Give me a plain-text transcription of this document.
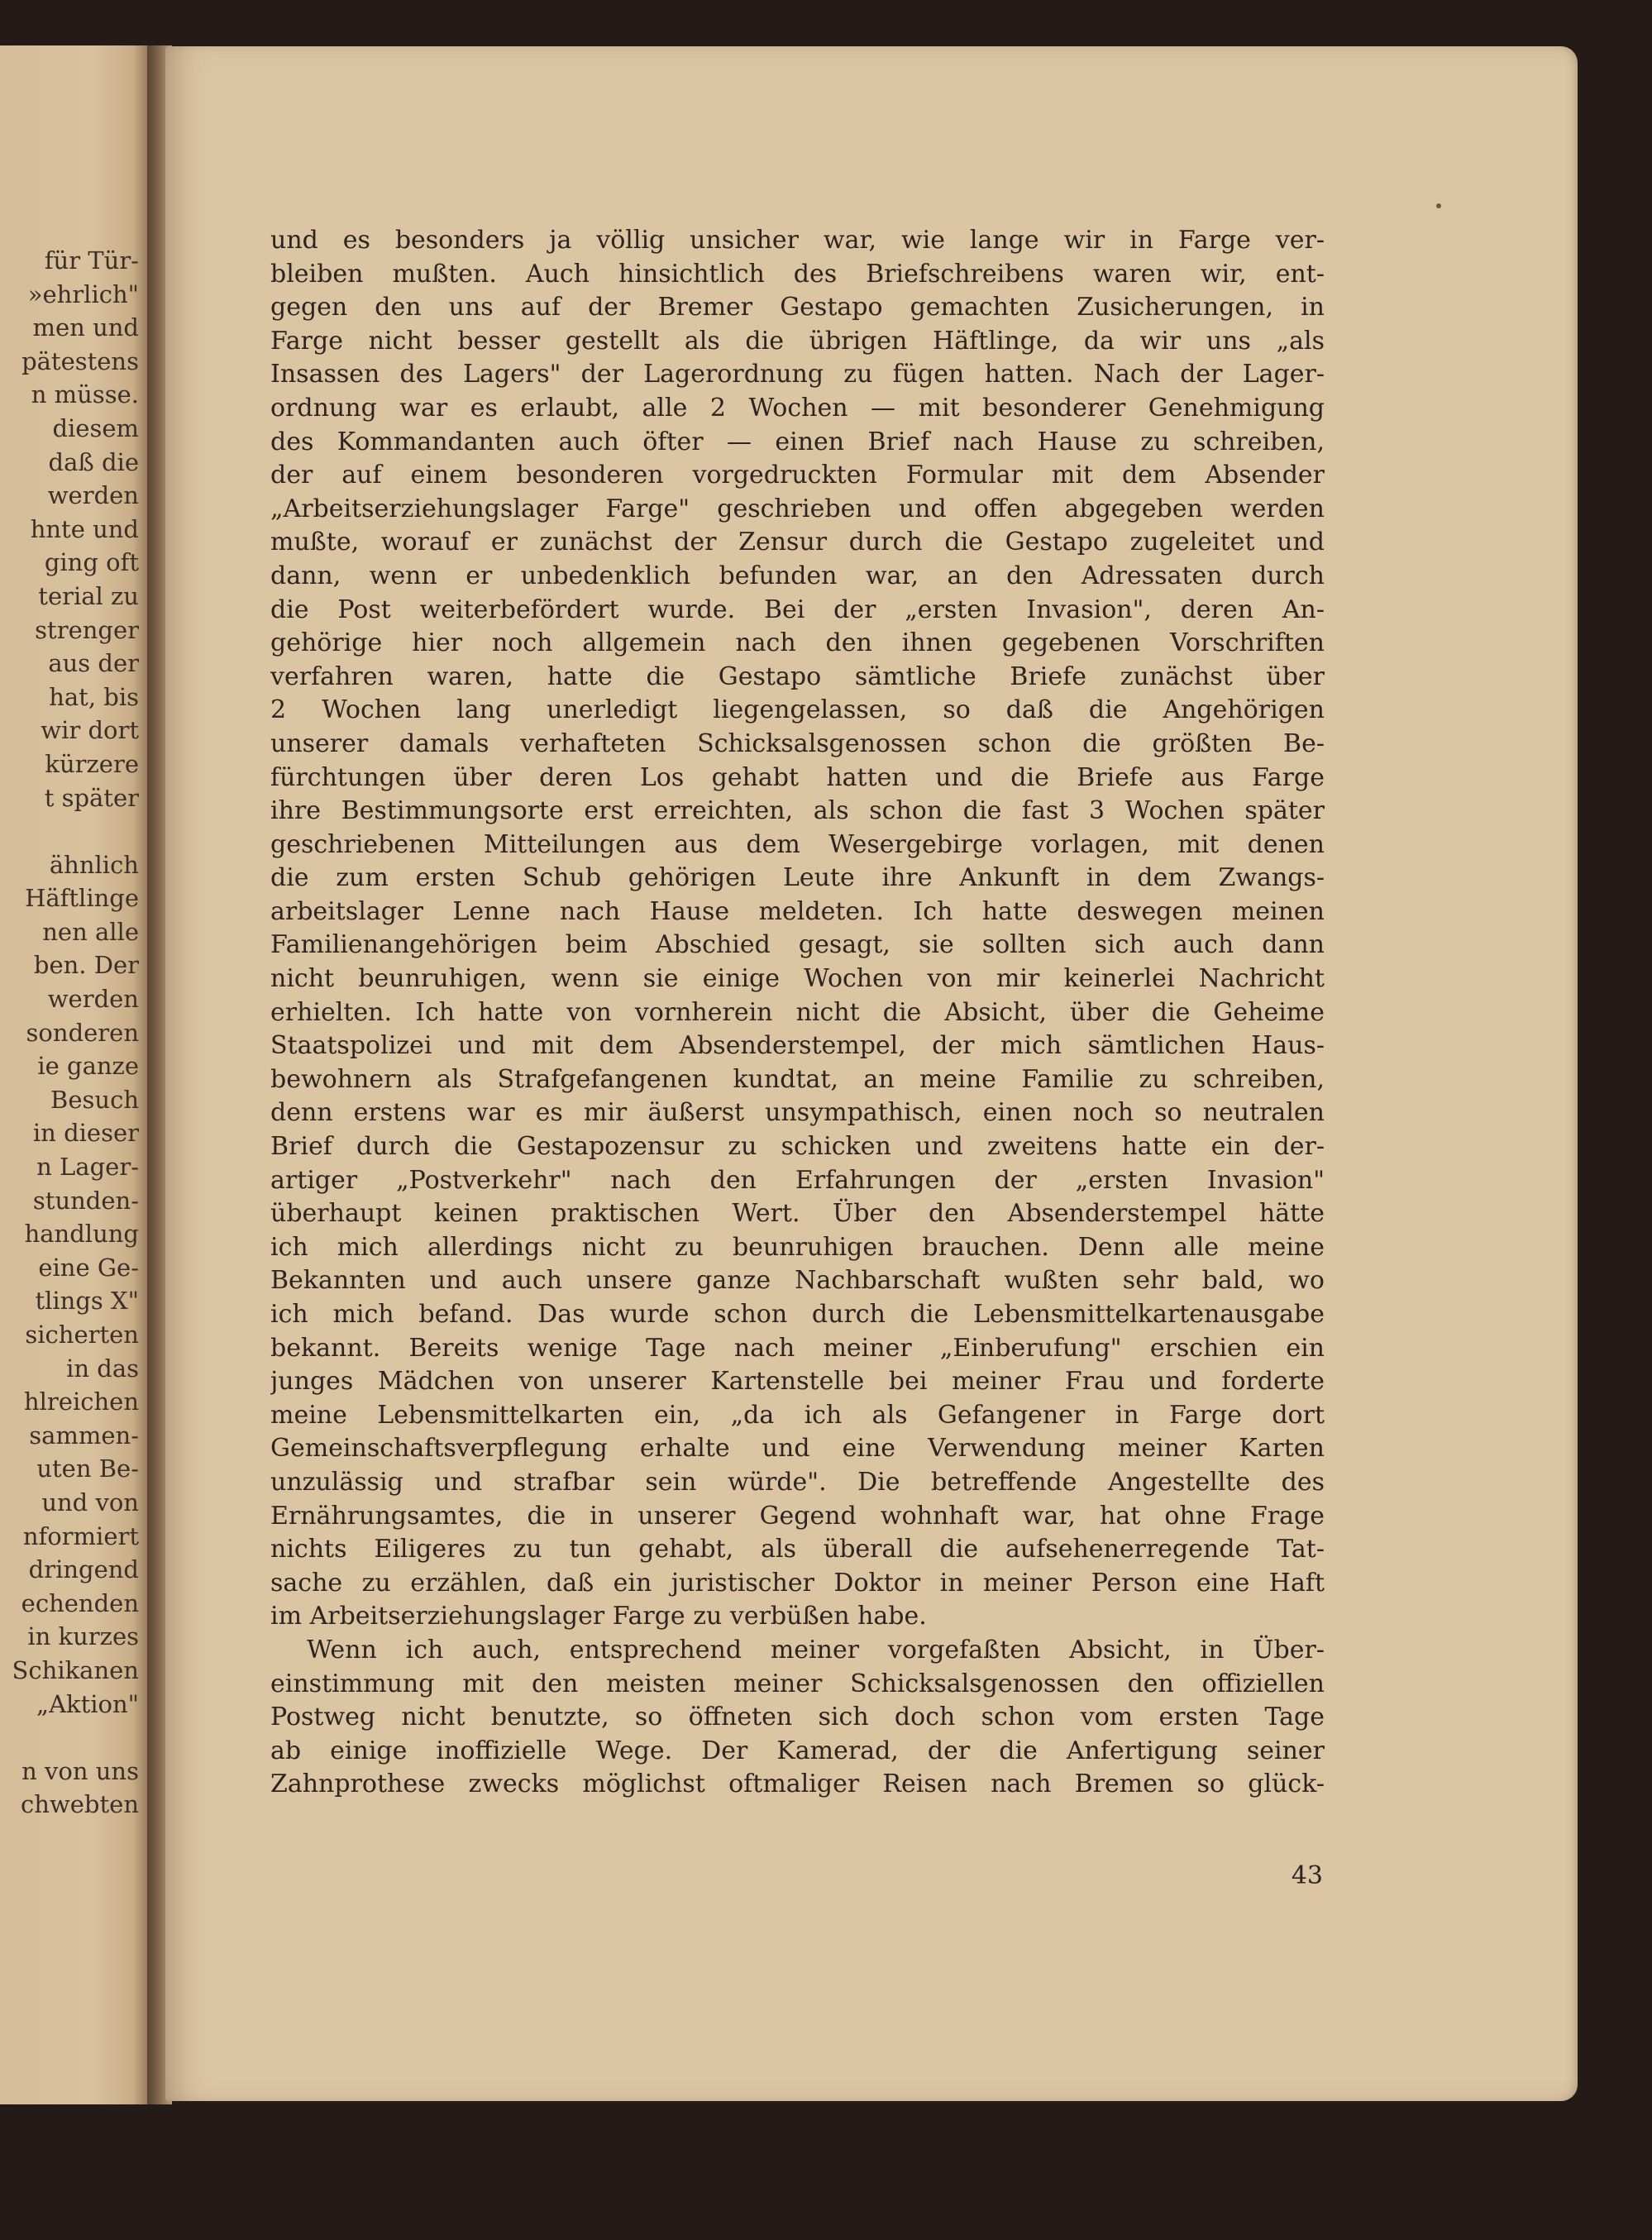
für Tür-
»ehrlich"
men und
pätestens
n müsse.
diesem
daß die
werden
hnte und
ging oft
terial zu
strenger
aus der
hat, bis
wir dort
kürzere
t später
ähnlich
Häftlinge
nen alle
ben. Der
werden
sonderen
ie ganze
Besuch
in dieser
n Lager-
stunden-
handlung
eine Ge-
tlings X"
sicherten
in das
hlreichen
sammen-
uten Be-
und von
nformiert
dringend
echenden
in kurzes
Schikanen
„Aktion"
n von uns
chwebten
und es besonders ja völlig unsicher war, wie lange wir in Farge ver-
bleiben mußten. Auch hinsichtlich des Briefschreibens waren wir, ent-
gegen den uns auf der Bremer Gestapo gemachten Zusicherungen, in
Farge nicht besser gestellt als die übrigen Häftlinge, da wir uns „als
Insassen des Lagers" der Lagerordnung zu fügen hatten. Nach der Lager-
ordnung war es erlaubt, alle 2 Wochen — mit besonderer Genehmigung
des Kommandanten auch öfter — einen Brief nach Hause zu schreiben,
der auf einem besonderen vorgedruckten Formular mit dem Absender
„Arbeitserziehungslager Farge" geschrieben und offen abgegeben werden
mußte, worauf er zunächst der Zensur durch die Gestapo zugeleitet und
dann, wenn er unbedenklich befunden war, an den Adressaten durch
die Post weiterbefördert wurde. Bei der „ersten Invasion", deren An-
gehörige hier noch allgemein nach den ihnen gegebenen Vorschriften
verfahren waren, hatte die Gestapo sämtliche Briefe zunächst über
2 Wochen lang unerledigt liegengelassen, so daß die Angehörigen
unserer damals verhafteten Schicksalsgenossen schon die größten Be-
fürchtungen über deren Los gehabt hatten und die Briefe aus Farge
ihre Bestimmungsorte erst erreichten, als schon die fast 3 Wochen später
geschriebenen Mitteilungen aus dem Wesergebirge vorlagen, mit denen
die zum ersten Schub gehörigen Leute ihre Ankunft in dem Zwangs-
arbeitslager Lenne nach Hause meldeten. Ich hatte deswegen meinen
Familienangehörigen beim Abschied gesagt, sie sollten sich auch dann
nicht beunruhigen, wenn sie einige Wochen von mir keinerlei Nachricht
erhielten. Ich hatte von vornherein nicht die Absicht, über die Geheime
Staatspolizei und mit dem Absenderstempel, der mich sämtlichen Haus-
bewohnern als Strafgefangenen kundtat, an meine Familie zu schreiben,
denn erstens war es mir äußerst unsympathisch, einen noch so neutralen
Brief durch die Gestapozensur zu schicken und zweitens hatte ein der-
artiger „Postverkehr" nach den Erfahrungen der „ersten Invasion"
überhaupt keinen praktischen Wert. Über den Absenderstempel hätte
ich mich allerdings nicht zu beunruhigen brauchen. Denn alle meine
Bekannten und auch unsere ganze Nachbarschaft wußten sehr bald, wo
ich mich befand. Das wurde schon durch die Lebensmittelkartenausgabe
bekannt. Bereits wenige Tage nach meiner „Einberufung" erschien ein
junges Mädchen von unserer Kartenstelle bei meiner Frau und forderte
meine Lebensmittelkarten ein, „da ich als Gefangener in Farge dort
Gemeinschaftsverpflegung erhalte und eine Verwendung meiner Karten
unzulässig und strafbar sein würde". Die betreffende Angestellte des
Ernährungsamtes, die in unserer Gegend wohnhaft war, hat ohne Frage
nichts Eiligeres zu tun gehabt, als überall die aufsehenerregende Tat-
sache zu erzählen, daß ein juristischer Doktor in meiner Person eine Haft
im Arbeitserziehungslager Farge zu verbüßen habe.
Wenn ich auch, entsprechend meiner vorgefaßten Absicht, in Über-
einstimmung mit den meisten meiner Schicksalsgenossen den offiziellen
Postweg nicht benutzte, so öffneten sich doch schon vom ersten Tage
ab einige inoffizielle Wege. Der Kamerad, der die Anfertigung seiner
Zahnprothese zwecks möglichst oftmaliger Reisen nach Bremen so glück-
43
